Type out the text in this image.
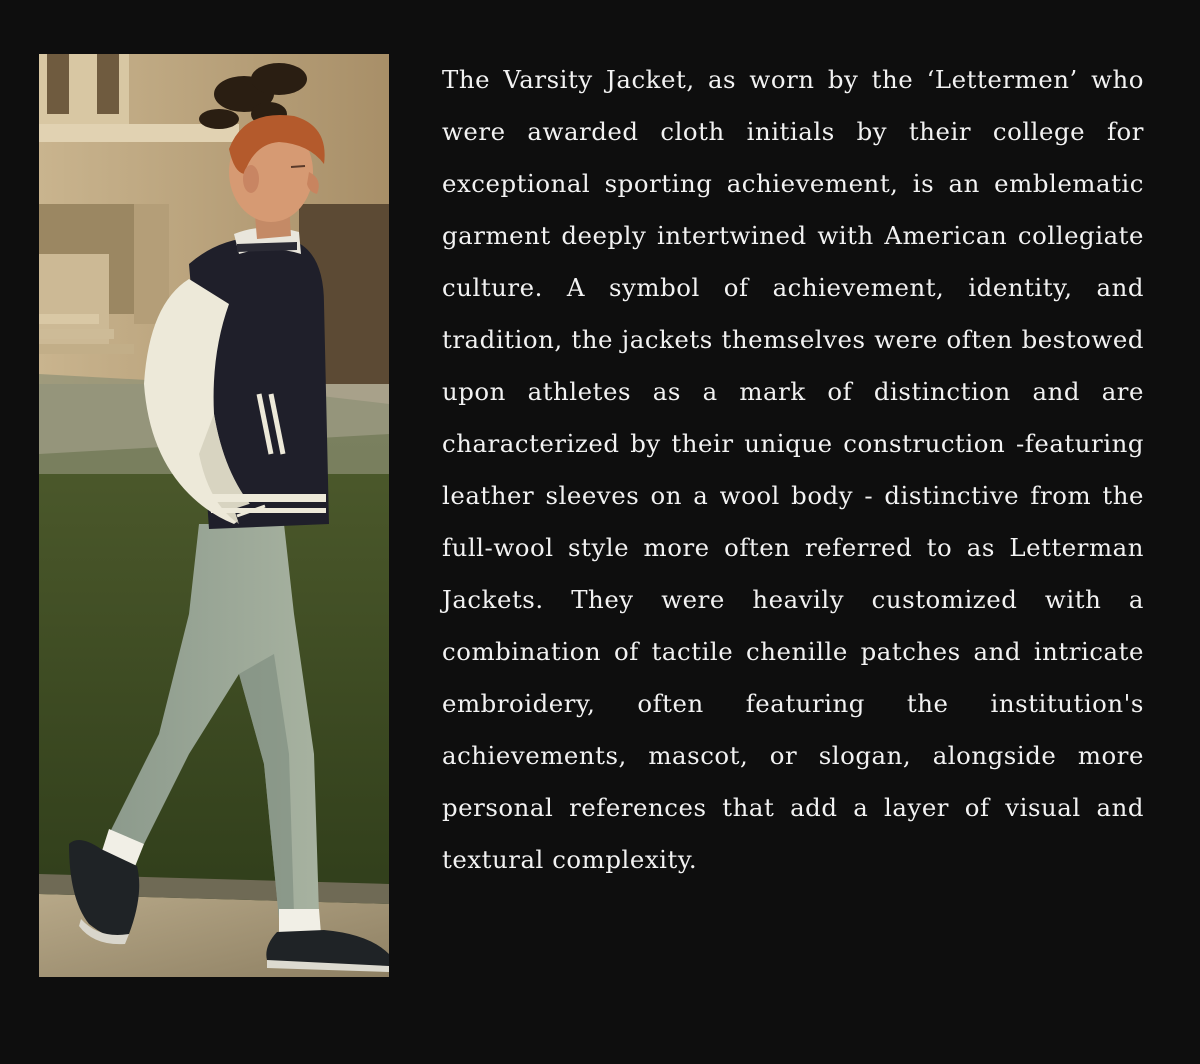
The Varsity Jacket, as worn by the ‘Lettermen’ who were awarded cloth initials by their college for exceptional sporting achievement, is an emblematic garment deeply intertwined with American collegiate culture. A symbol of achievement, identity, and tradition, the jackets themselves were often bestowed upon athletes as a mark of distinction and are characterized by their unique construction -featuring leather sleeves on a wool body - distinctive from the full-wool style more often referred to as Letterman Jackets. They were heavily customized with a combination of tactile chenille patches and intricate embroidery, often featuring the institution's achievements, mascot, or slogan, alongside more personal references that add a layer of visual and textural complexity.
